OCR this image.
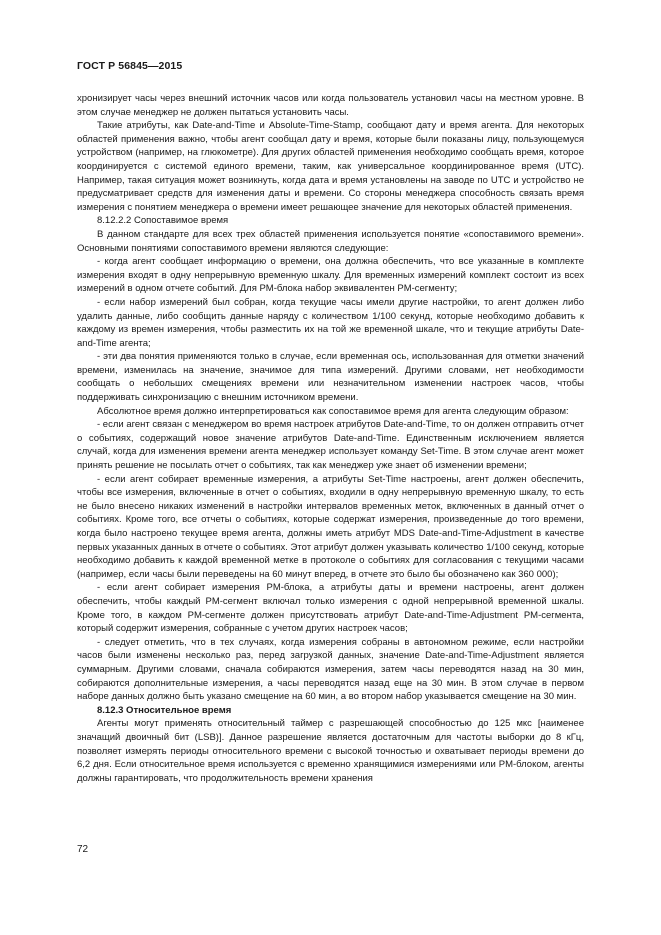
ГОСТ Р 56845—2015

хронизирует часы через внешний источник часов или когда пользователь установил часы на местном уровне. В этом случае менеджер не должен пытаться установить часы.

Такие атрибуты, как Date-and-Time и Absolute-Time-Stamp, сообщают дату и время агента. Для некоторых областей применения важно, чтобы агент сообщал дату и время, которые были показаны лицу, пользующемуся устройством (например, на глюкометре). Для других областей применения необходимо сообщать время, которое координируется с системой единого времени, таким, как универсальное координированное время (UTC). Например, такая ситуация может возникнуть, когда дата и время установлены на заводе по UTC и устройство не предусматривает средств для изменения даты и времени. Со стороны менеджера способность связать время измерения с понятием менеджера о времени имеет решающее значение для некоторых областей применения.

8.12.2.2 Сопоставимое время

В данном стандарте для всех трех областей применения используется понятие «сопоставимого времени». Основными понятиями сопоставимого времени являются следующие:

- когда агент сообщает информацию о времени, она должна обеспечить, что все указанные в комплекте измерения входят в одну непрерывную временную шкалу. Для временных измерений комплект состоит из всех измерений в одном отчете событий. Для PM-блока набор эквивалентен PM-сегменту;

- если набор измерений был собран, когда текущие часы имели другие настройки, то агент должен либо удалить данные, либо сообщить данные наряду с количеством 1/100 секунд, которые необходимо добавить к каждому из времен измерения, чтобы разместить их на той же временной шкале, что и текущие атрибуты Date-and-Time агента;

- эти два понятия применяются только в случае, если временная ось, использованная для отметки значений времени, изменилась на значение, значимое для типа измерений. Другими словами, нет необходимости сообщать о небольших смещениях времени или незначительном изменении настроек часов, чтобы поддерживать синхронизацию с внешним источником времени.

Абсолютное время должно интерпретироваться как сопоставимое время для агента следующим образом:

- если агент связан с менеджером во время настроек атрибутов Date-and-Time, то он должен отправить отчет о событиях, содержащий новое значение атрибутов Date-and-Time. Единственным исключением является случай, когда для изменения времени агента менеджер использует команду Set-Time. В этом случае агент может принять решение не посылать отчет о событиях, так как менеджер уже знает об изменении времени;

- если агент собирает временные измерения, а атрибуты Set-Time настроены, агент должен обеспечить, чтобы все измерения, включенные в отчет о событиях, входили в одну непрерывную временную шкалу, то есть не было внесено никаких изменений в настройки интервалов временных меток, включенных в данный отчет о событиях. Кроме того, все отчеты о событиях, которые содержат измерения, произведенные до того времени, когда было настроено текущее время агента, должны иметь атрибут MDS Date-and-Time-Adjustment в качестве первых указанных данных в отчете о событиях. Этот атрибут должен указывать количество 1/100 секунд, которые необходимо добавить к каждой временной метке в протоколе о событиях для согласования с текущими часами (например, если часы были переведены на 60 минут вперед, в отчете это было бы обозначено как 360 000);

- если агент собирает измерения PM-блока, а атрибуты даты и времени настроены, агент должен обеспечить, чтобы каждый PM-сегмент включал только измерения с одной непрерывной временной шкалы. Кроме того, в каждом PM-сегменте должен присутствовать атрибут Date-and-Time-Adjustment PM-сегмента, который содержит измерения, собранные с учетом других настроек часов;

- следует отметить, что в тех случаях, когда измерения собраны в автономном режиме, если настройки часов были изменены несколько раз, перед загрузкой данных, значение Date-and-Time-Adjustment является суммарным. Другими словами, сначала собираются измерения, затем часы переводятся назад на 30 мин, собираются дополнительные измерения, а часы переводятся назад еще на 30 мин. В этом случае в первом наборе данных должно быть указано смещение на 60 мин, а во втором набор указывается смещение на 30 мин.

8.12.3 Относительное время

Агенты могут применять относительный таймер с разрешающей способностью до 125 мкс [наименее значащий двоичный бит (LSB)]. Данное разрешение является достаточным для частоты выборки до 8 кГц, позволяет измерять периоды относительного времени с высокой точностью и охватывает периоды времени до 6,2 дня. Если относительное время используется с временно хранящимися измерениями или PM-блоком, агенты должны гарантировать, что продолжительность времени хранения

72
